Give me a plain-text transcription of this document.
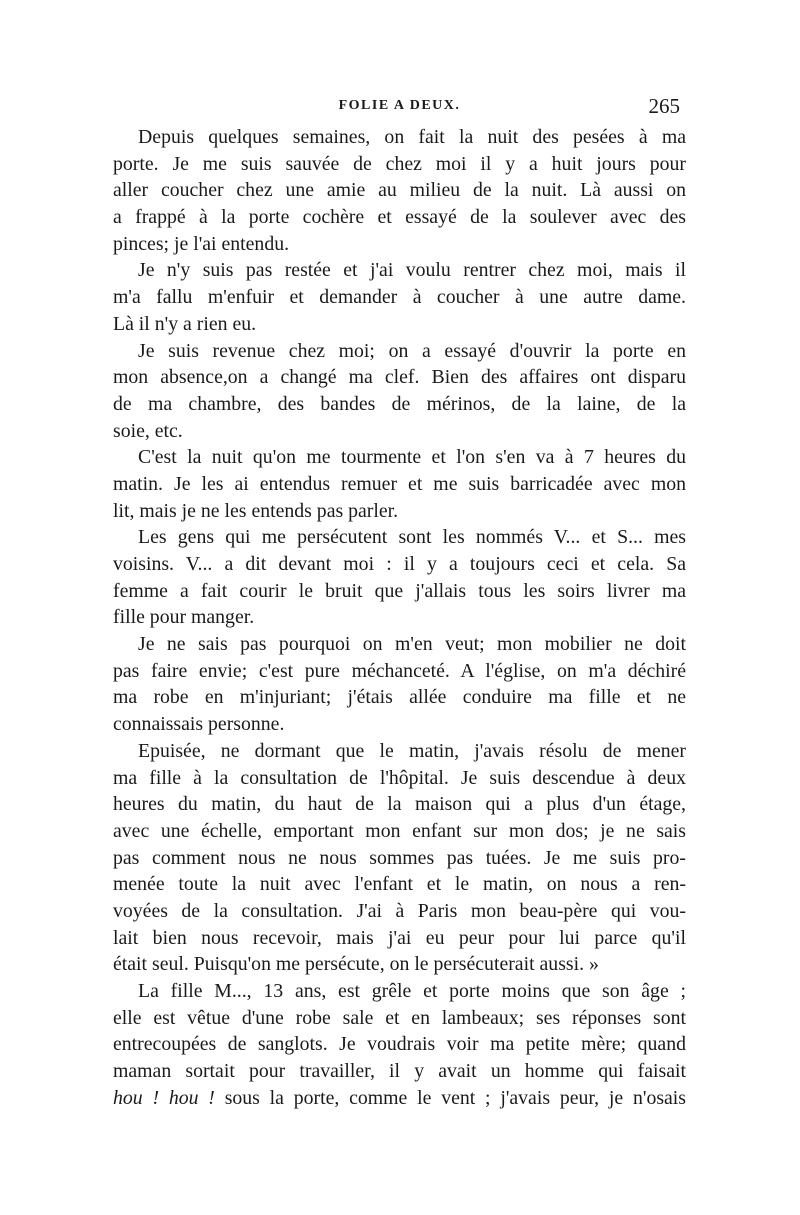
FOLIE A DEUX.	265
Depuis quelques semaines, on fait la nuit des pesées à ma
porte. Je me suis sauvée de chez moi il y a huit jours pour
aller coucher chez une amie au milieu de la nuit. Là aussi on
a frappé à la porte cochère et essayé de la soulever avec des
pinces; je l'ai entendu.
Je n'y suis pas restée et j'ai voulu rentrer chez moi, mais il
m'a fallu m'enfuir et demander à coucher à une autre dame.
Là il n'y a rien eu.
Je suis revenue chez moi; on a essayé d'ouvrir la porte en
mon absence,on a changé ma clef. Bien des affaires ont disparu
de ma chambre, des bandes de mérinos, de la laine, de la
soie, etc.
C'est la nuit qu'on me tourmente et l'on s'en va à 7 heures du
matin. Je les ai entendus remuer et me suis barricadée avec mon
lit, mais je ne les entends pas parler.
Les gens qui me persécutent sont les nommés V... et S... mes
voisins. V... a dit devant moi : il y a toujours ceci et cela. Sa
femme a fait courir le bruit que j'allais tous les soirs livrer ma
fille pour manger.
Je ne sais pas pourquoi on m'en veut; mon mobilier ne doit
pas faire envie; c'est pure méchanceté. A l'église, on m'a déchiré
ma robe en m'injuriant; j'étais allée conduire ma fille et ne
connaissais personne.
Epuisée, ne dormant que le matin, j'avais résolu de mener
ma fille à la consultation de l'hôpital. Je suis descendue à deux
heures du matin, du haut de la maison qui a plus d'un étage,
avec une échelle, emportant mon enfant sur mon dos; je ne sais
pas comment nous ne nous sommes pas tuées. Je me suis pro-
menée toute la nuit avec l'enfant et le matin, on nous a ren-
voyées de la consultation. J'ai à Paris mon beau-père qui vou-
lait bien nous recevoir, mais j'ai eu peur pour lui parce qu'il
était seul. Puisqu'on me persécute, on le persécuterait aussi. »
La fille M..., 13 ans, est grêle et porte moins que son âge ;
elle est vêtue d'une robe sale et en lambeaux; ses réponses sont
entrecoupées de sanglots. Je voudrais voir ma petite mère; quand
maman sortait pour travailler, il y avait un homme qui faisait
hou ! hou ! sous la porte, comme le vent ; j'avais peur, je n'osais
